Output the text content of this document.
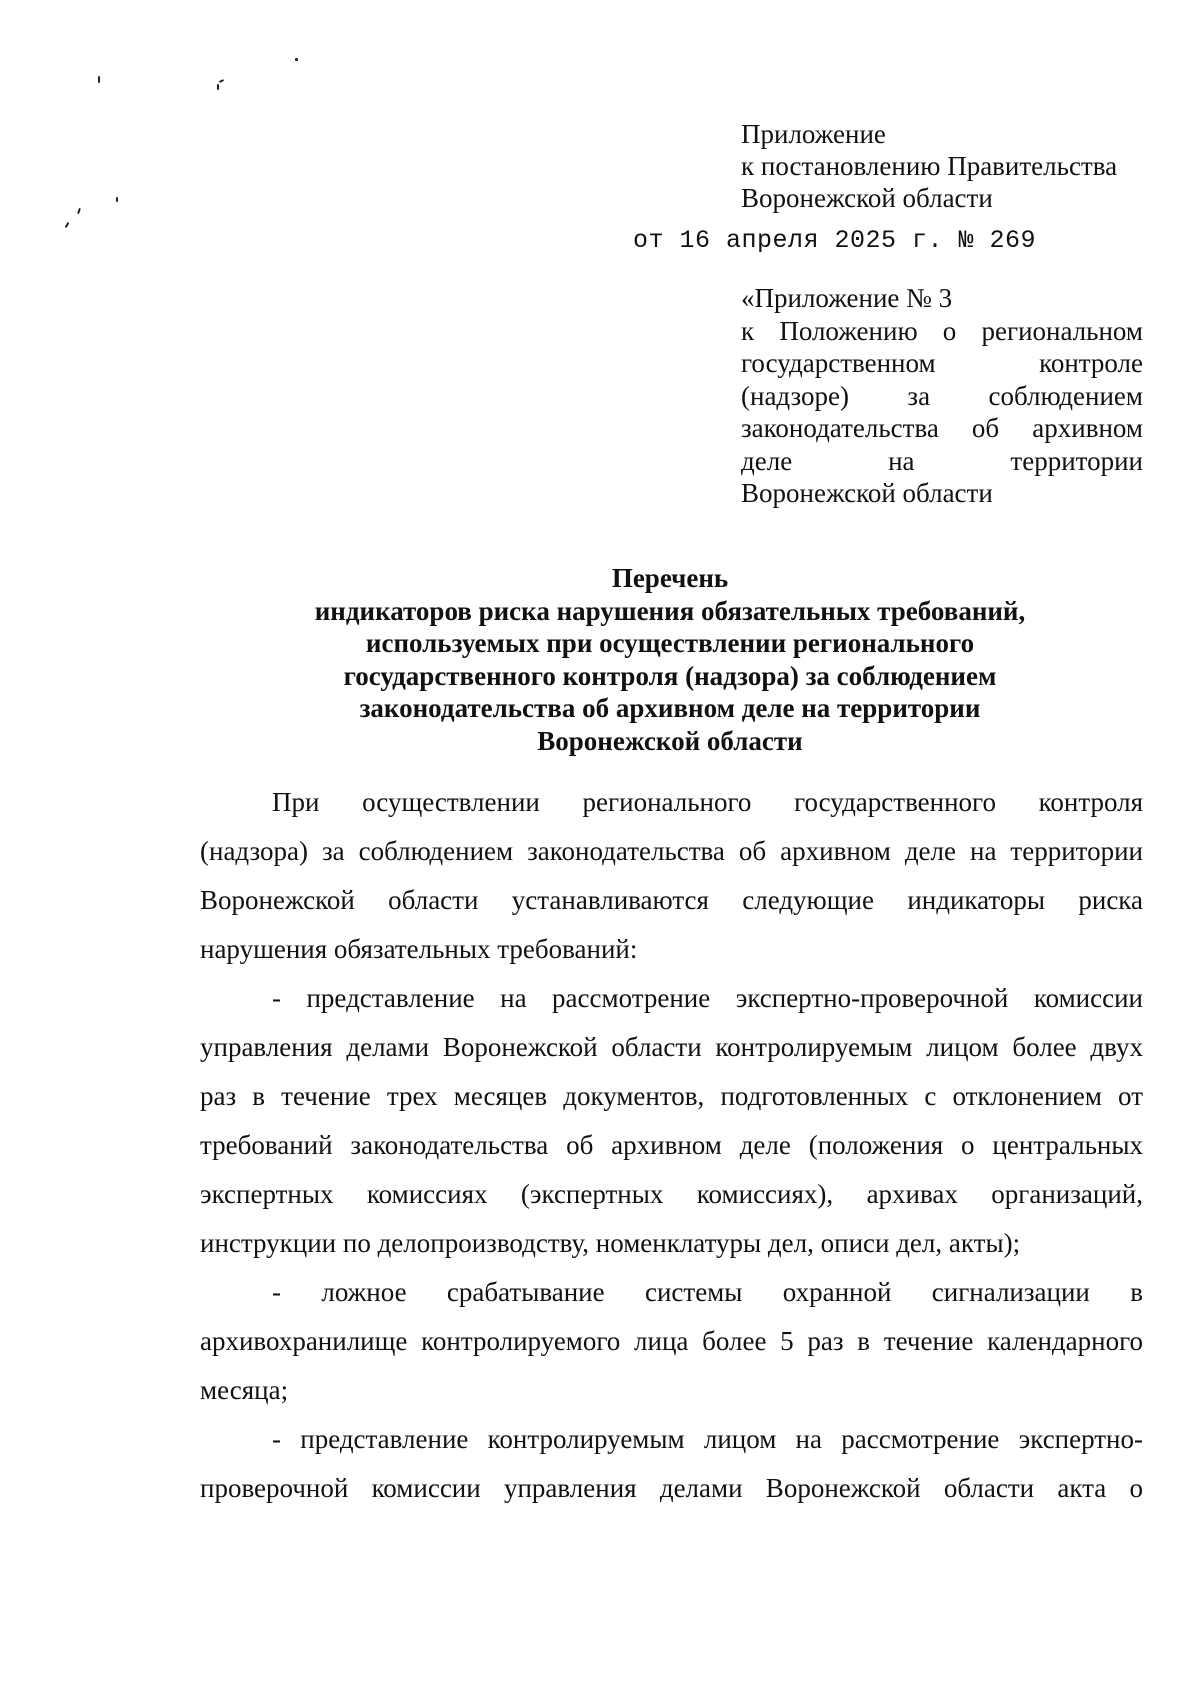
Приложение
к постановлению Правительства
Воронежской области
от 16 апреля 2025 г. № 269
«Приложение № 3
к Положению о региональном
государственном контроле
(надзоре) за соблюдением
законодательства об архивном
деле на территории
Воронежской области
Перечень
индикаторов риска нарушения обязательных требований,
используемых при осуществлении регионального
государственного контроля (надзора) за соблюдением
законодательства об архивном деле на территории
Воронежской области
При осуществлении регионального государственного контроля
(надзора) за соблюдением законодательства об архивном деле на территории
Воронежской области устанавливаются следующие индикаторы риска
нарушения обязательных требований:
- представление на рассмотрение экспертно-проверочной комиссии
управления делами Воронежской области контролируемым лицом более двух
раз в течение трех месяцев документов, подготовленных с отклонением от
требований законодательства об архивном деле (положения о центральных
экспертных комиссиях (экспертных комиссиях), архивах организаций,
инструкции по делопроизводству, номенклатуры дел, описи дел, акты);
- ложное срабатывание системы охранной сигнализации в
архивохранилище контролируемого лица более 5 раз в течение календарного
месяца;
- представление контролируемым лицом на рассмотрение экспертно-
проверочной комиссии управления делами Воронежской области акта о
